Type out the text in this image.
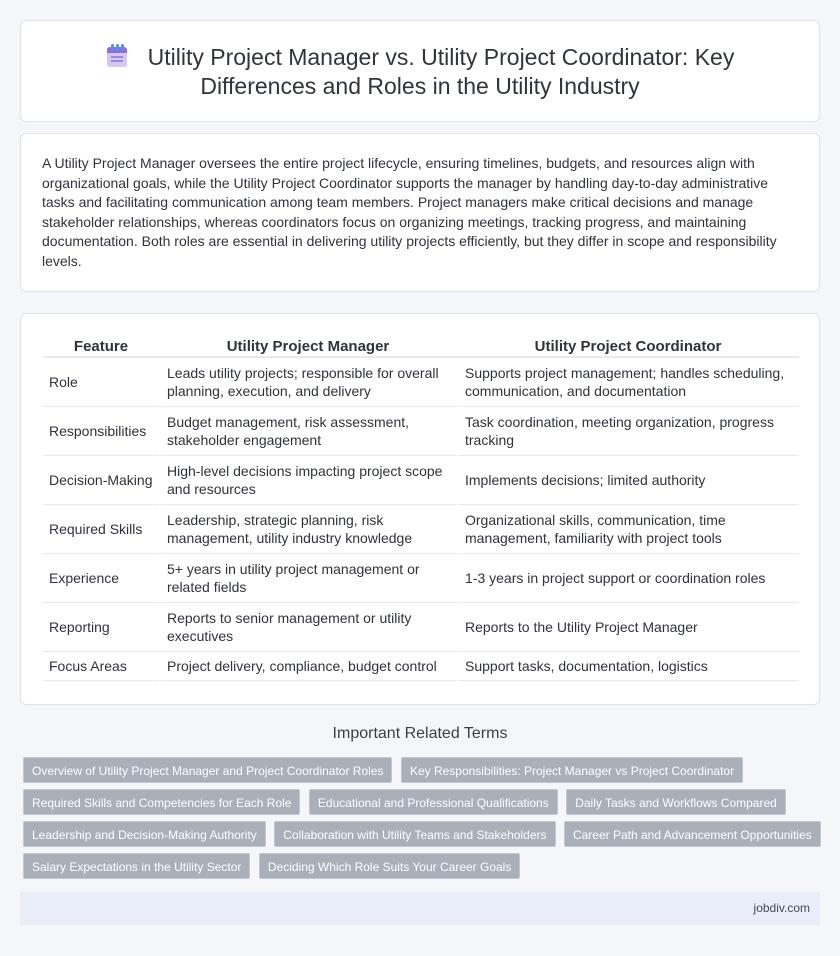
Utility Project Manager vs. Utility Project Coordinator: Key Differences and Roles in the Utility Industry

A Utility Project Manager oversees the entire project lifecycle, ensuring timelines, budgets, and resources align with organizational goals, while the Utility Project Coordinator supports the manager by handling day-to-day administrative tasks and facilitating communication among team members. Project managers make critical decisions and manage stakeholder relationships, whereas coordinators focus on organizing meetings, tracking progress, and maintaining documentation. Both roles are essential in delivering utility projects efficiently, but they differ in scope and responsibility levels.

Feature	Utility Project Manager	Utility Project Coordinator
Role	Leads utility projects; responsible for overall planning, execution, and delivery	Supports project management; handles scheduling, communication, and documentation
Responsibilities	Budget management, risk assessment, stakeholder engagement	Task coordination, meeting organization, progress tracking
Decision-Making	High-level decisions impacting project scope and resources	Implements decisions; limited authority
Required Skills	Leadership, strategic planning, risk management, utility industry knowledge	Organizational skills, communication, time management, familiarity with project tools
Experience	5+ years in utility project management or related fields	1-3 years in project support or coordination roles
Reporting	Reports to senior management or utility executives	Reports to the Utility Project Manager
Focus Areas	Project delivery, compliance, budget control	Support tasks, documentation, logistics
Important Related Terms
Overview of Utility Project Manager and Project Coordinator Roles Key Responsibilities: Project Manager vs Project Coordinator
Required Skills and Competencies for Each Role Educational and Professional Qualifications Daily Tasks and Workflows Compared
Leadership and Decision-Making Authority Collaboration with Utility Teams and Stakeholders Career Path and Advancement Opportunities
Salary Expectations in the Utility Sector Deciding Which Role Suits Your Career Goals
jobdiv.com
